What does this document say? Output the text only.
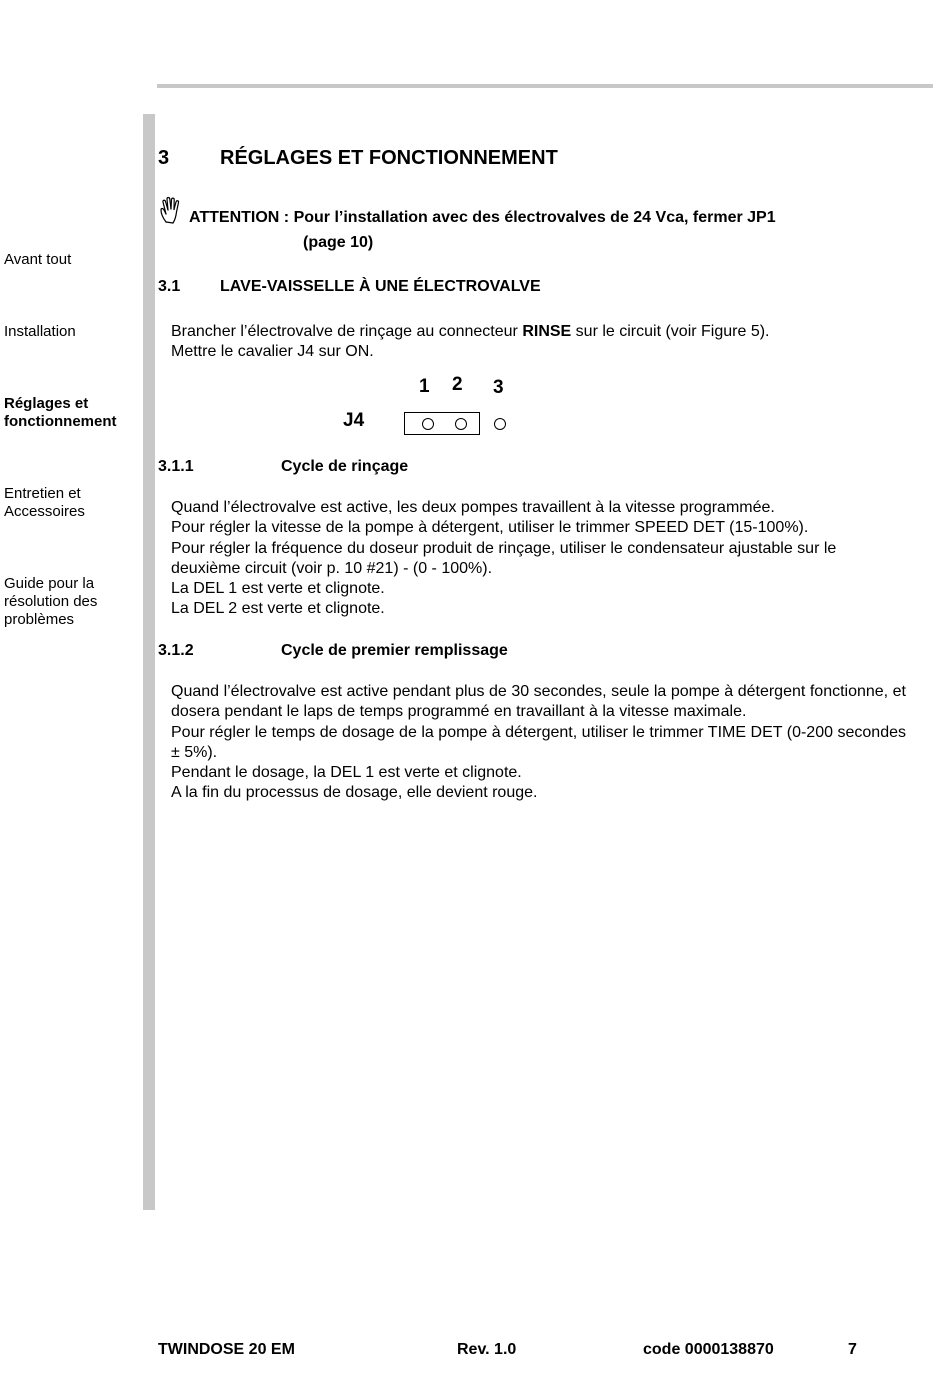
Avant tout
Installation
Réglages et
fonctionnement
Entretien et
Accessoires
Guide pour la
résolution des
problèmes
3	RÉGLAGES ET FONCTIONNEMENT
ATTENTION : Pour l’installation avec des électrovalves de 24 Vca, fermer JP1
(page 10)
3.1 LAVE-VAISSELLE À UNE ÉLECTROVALVE

Brancher l’électrovalve de rinçage au connecteur RINSE sur le circuit (voir Figure 5).

Mettre le cavalier J4 sur ON.

J4
1 2 3
3.1.1	Cycle de rinçage

Quand l’électrovalve est active, les deux pompes travaillent à la vitesse programmée.

Pour régler la vitesse de la pompe à détergent, utiliser le trimmer SPEED DET (15-100%).

Pour régler la fréquence du doseur produit de rinçage, utiliser le condensateur ajustable sur le deuxième circuit (voir p. 10 #21) - (0 - 100%).

La DEL 1 est verte et clignote.

La DEL 2 est verte et clignote.

3.1.2	Cycle de premier remplissage

Quand l’électrovalve est active pendant plus de 30 secondes, seule la pompe à détergent fonctionne, et dosera pendant le laps de temps programmé en travaillant à la vitesse maximale.

Pour régler le temps de dosage de la pompe à détergent, utiliser le trimmer TIME DET (0-200 secondes ± 5%).

Pendant le dosage, la DEL 1 est verte et clignote.

A la fin du processus de dosage, elle devient rouge.

TWINDOSE 20 EM	Rev. 1.0	code 0000138870	7
